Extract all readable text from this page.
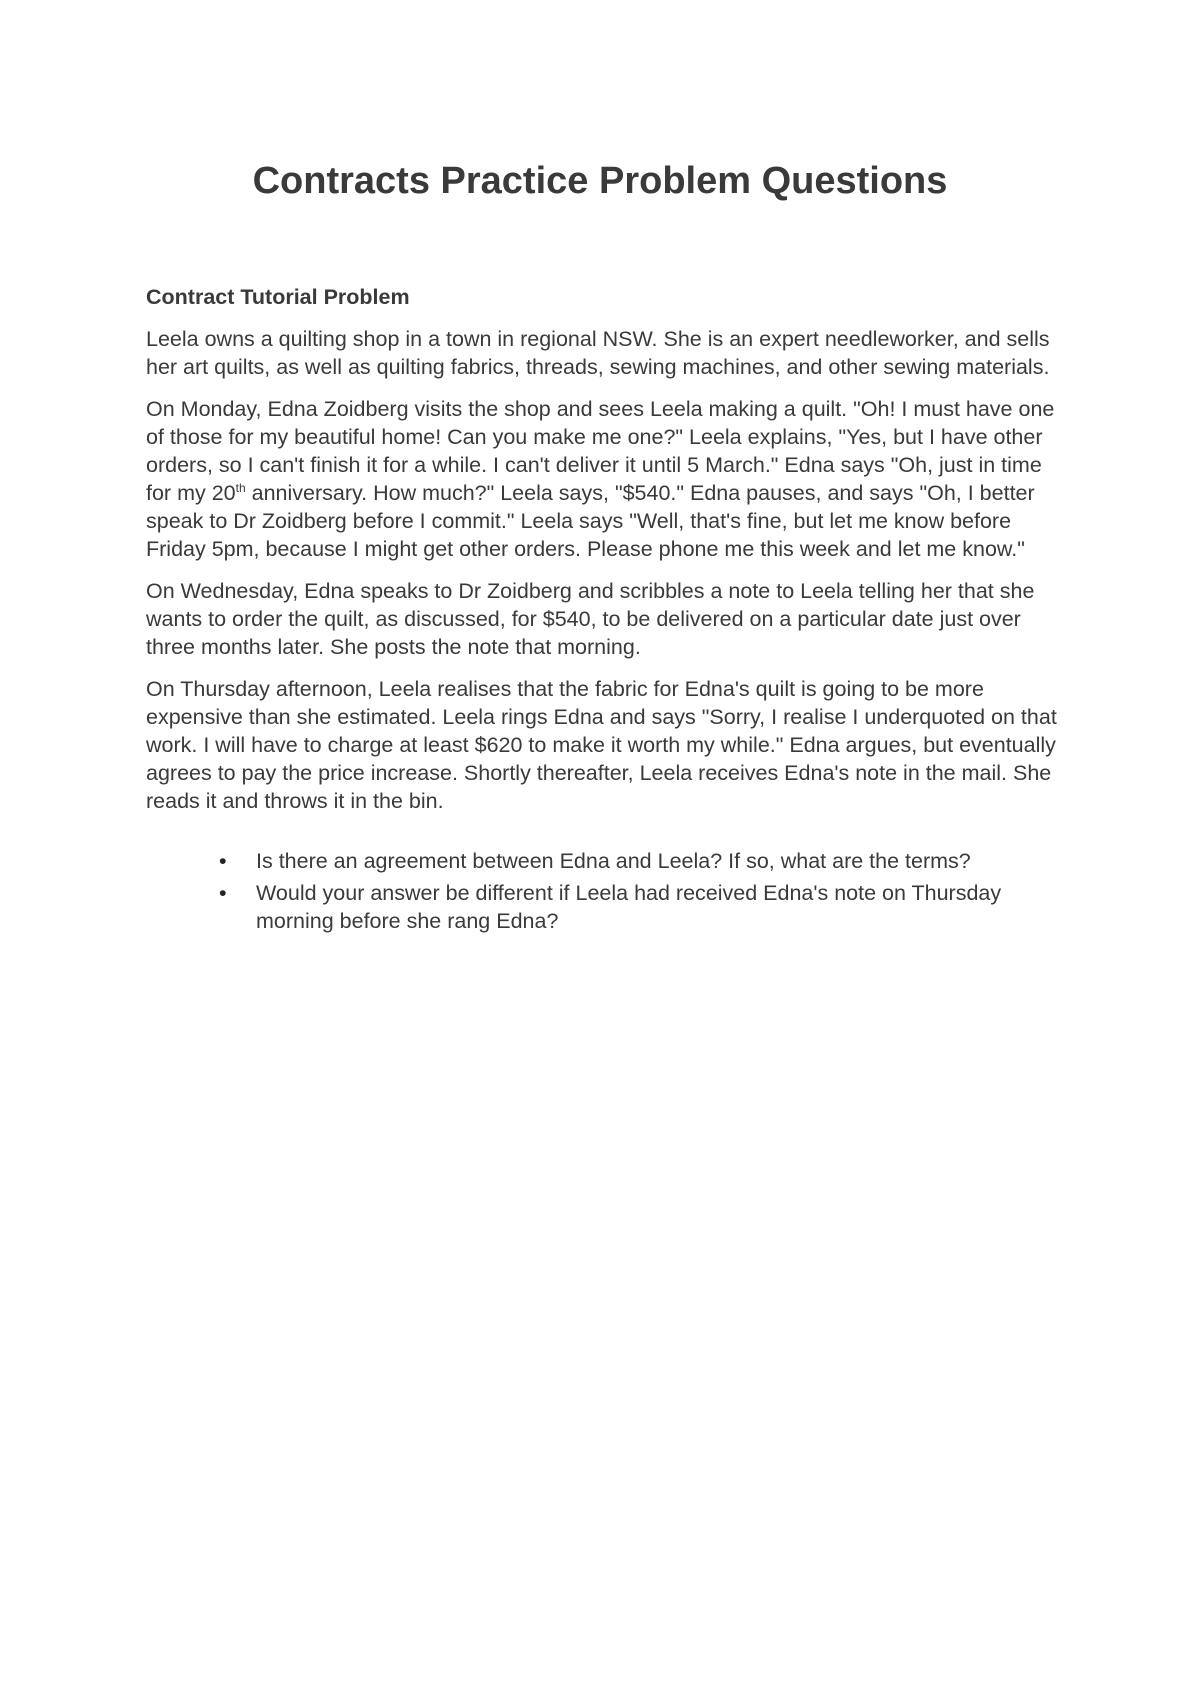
Contracts Practice Problem Questions

Contract Tutorial Problem

Leela owns a quilting shop in a town in regional NSW. She is an expert needleworker, and sells her art quilts, as well as quilting fabrics, threads, sewing machines, and other sewing materials.

On Monday, Edna Zoidberg visits the shop and sees Leela making a quilt. "Oh! I must have one of those for my beautiful home! Can you make me one?" Leela explains, "Yes, but I have other orders, so I can't finish it for a while. I can't deliver it until 5 March." Edna says "Oh, just in time for my 20th anniversary. How much?" Leela says, "$540." Edna pauses, and says "Oh, I better speak to Dr Zoidberg before I commit." Leela says "Well, that's fine, but let me know before Friday 5pm, because I might get other orders. Please phone me this week and let me know."

On Wednesday, Edna speaks to Dr Zoidberg and scribbles a note to Leela telling her that she wants to order the quilt, as discussed, for $540, to be delivered on a particular date just over three months later. She posts the note that morning.

On Thursday afternoon, Leela realises that the fabric for Edna's quilt is going to be more expensive than she estimated. Leela rings Edna and says "Sorry, I realise I underquoted on that work. I will have to charge at least $620 to make it worth my while." Edna argues, but eventually agrees to pay the price increase. Shortly thereafter, Leela receives Edna's note in the mail. She reads it and throws it in the bin.

• Is there an agreement between Edna and Leela? If so, what are the terms?
• Would your answer be different if Leela had received Edna's note on Thursday morning before she rang Edna?
